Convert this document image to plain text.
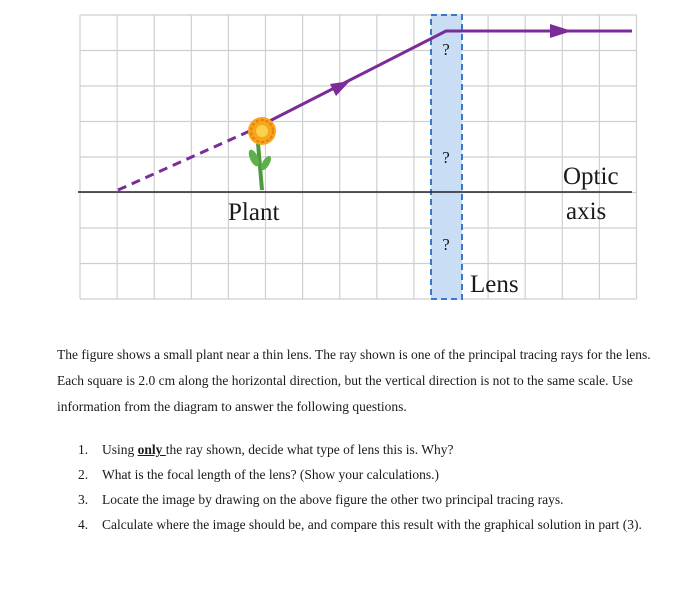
?
?
?
Plant
Optic
axis
Lens

The figure shows a small plant near a thin lens. The ray shown is one of the principal tracing rays for the lens. Each square is 2.0 cm along the horizontal direction, but the vertical direction is not to the same scale. Use information from the diagram to answer the following questions.

1.	Using only the ray shown, decide what type of lens this is. Why?
2.	What is the focal length of the lens? (Show your calculations.)
3.	Locate the image by drawing on the above figure the other two principal tracing rays.
4.	Calculate where the image should be, and compare this result with the graphical solution in part (3).
